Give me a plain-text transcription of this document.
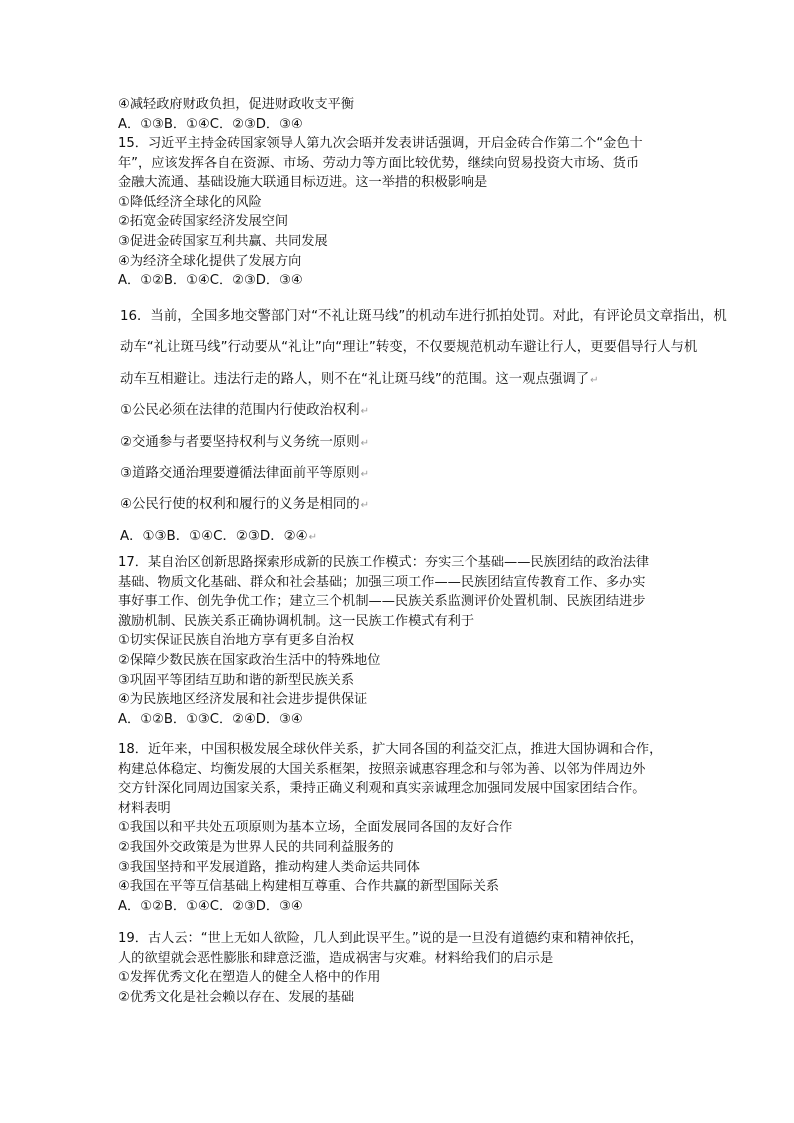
④减轻政府财政负担，促进财政收支平衡
A．①③B．①④C．②③D．③④
15．习近平主持金砖国家领导人第九次会晤并发表讲话强调，开启金砖合作第二个“金色十
年”，应该发挥各自在资源、市场、劳动力等方面比较优势，继续向贸易投资大市场、货币
金融大流通、基础设施大联通目标迈进。这一举措的积极影响是
①降低经济全球化的风险
②拓宽金砖国家经济发展空间
③促进金砖国家互利共赢、共同发展
④为经济全球化提供了发展方向
A．①②B．①④C．②③D．③④
16．当前，全国多地交警部门对“不礼让斑马线”的机动车进行抓拍处罚。对此，有评论员文章指出，机
动车“礼让斑马线”行动要从“礼让”向“理让”转变，不仅要规范机动车避让行人，更要倡导行人与机
动车互相避让。违法行走的路人，则不在“礼让斑马线”的范围。这一观点强调了↵
①公民必须在法律的范围内行使政治权利↵
②交通参与者要坚持权利与义务统一原则↵
③道路交通治理要遵循法律面前平等原则↵
④公民行使的权利和履行的义务是相同的↵
A．①③B．①④C．②③D．②④↵
17．某自治区创新思路探索形成新的民族工作模式：夯实三个基础——民族团结的政治法律
基础、物质文化基础、群众和社会基础；加强三项工作——民族团结宣传教育工作、多办实
事好事工作、创先争优工作；建立三个机制——民族关系监测评价处置机制、民族团结进步
激励机制、民族关系正确协调机制。这一民族工作模式有利于
①切实保证民族自治地方享有更多自治权
②保障少数民族在国家政治生活中的特殊地位
③巩固平等团结互助和谐的新型民族关系
④为民族地区经济发展和社会进步提供保证
A．①②B．①③C．②④D．③④
18．近年来，中国积极发展全球伙伴关系，扩大同各国的利益交汇点，推进大国协调和合作，
构建总体稳定、均衡发展的大国关系框架，按照亲诚惠容理念和与邻为善、以邻为伴周边外
交方针深化同周边国家关系，秉持正确义利观和真实亲诚理念加强同发展中国家团结合作。
材料表明
①我国以和平共处五项原则为基本立场，全面发展同各国的友好合作
②我国外交政策是为世界人民的共同利益服务的
③我国坚持和平发展道路，推动构建人类命运共同体
④我国在平等互信基础上构建相互尊重、合作共赢的新型国际关系
A．①②B．①④C．②③D．③④
19．古人云：“世上无如人欲险，几人到此误平生。”说的是一旦没有道德约束和精神依托，
人的欲望就会恶性膨胀和肆意泛滥，造成祸害与灾难。材料给我们的启示是
①发挥优秀文化在塑造人的健全人格中的作用
②优秀文化是社会赖以存在、发展的基础
